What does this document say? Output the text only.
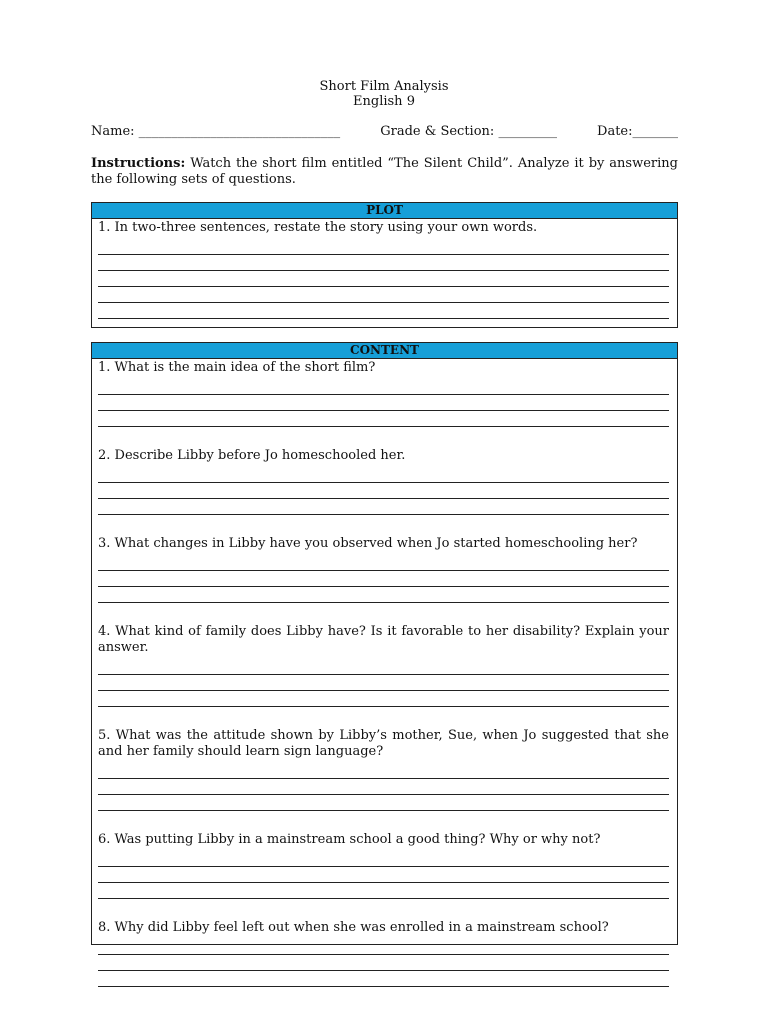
Short Film Analysis
English 9
Name: _______________________________	Grade & Section: _________	Date:_______
Instructions: Watch the short film entitled “The Silent Child”. Analyze it by answering the following sets of questions.
PLOT

1. In two-three sentences, restate the story using your own words.

CONTENT

1. What is the main idea of the short film?

2. Describe Libby before Jo homeschooled her.

3. What changes in Libby have you observed when Jo started homeschooling her?

4. What kind of family does Libby have? Is it favorable to her disability? Explain your answer.

5. What was the attitude shown by Libby’s mother, Sue, when Jo suggested that she and her family should learn sign language?

6. Was putting Libby in a mainstream school a good thing? Why or why not?

8. Why did Libby feel left out when she was enrolled in a mainstream school?
